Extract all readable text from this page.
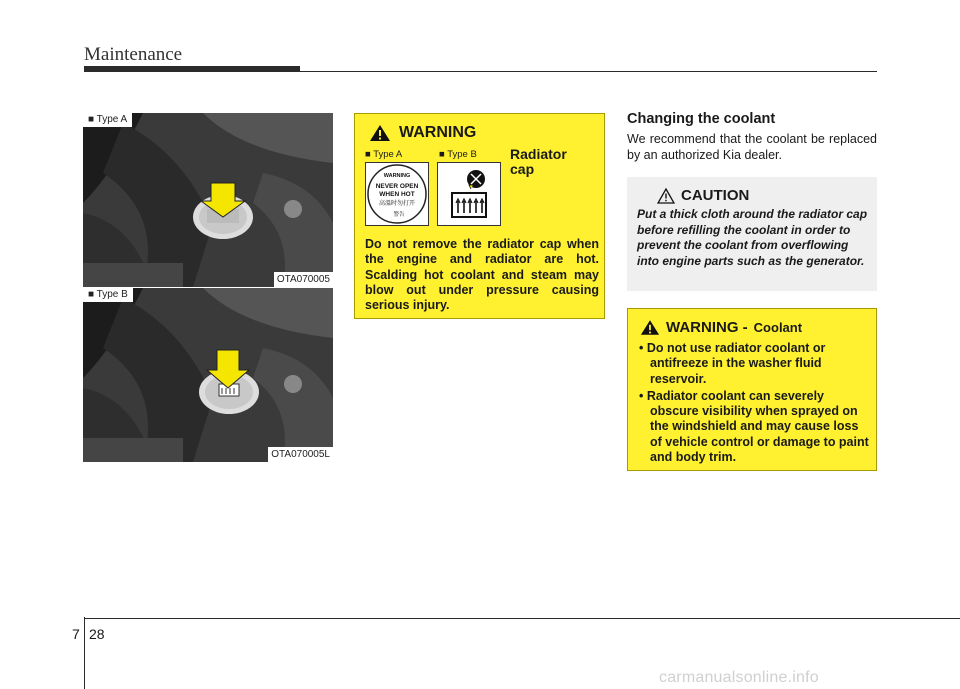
Maintenance
■ Type A
OTA070005
■ Type B
OTA070005L
WARNING
■ Type A	■ Type B Radiator
cap
WARNING
NEVER OPEN
WHEN HOT
高溫时勿打开
警告
Do not remove the radiator cap when the engine and radiator are hot. Scalding hot coolant and steam may blow out under pressure causing serious injury.
Changing the coolant
We recommend that the coolant be replaced by an authorized Kia dealer.
CAUTION
Put a thick cloth around the radiator cap before refilling the coolant in order to prevent the coolant from overflowing into engine parts such as the generator.
WARNING - Coolant
• Do not use radiator coolant or antifreeze in the washer fluid reservoir.
• Radiator coolant can severely obscure visibility when sprayed on the windshield and may cause loss of vehicle control or damage to paint and body trim.
7 28
carmanualsonline.info
